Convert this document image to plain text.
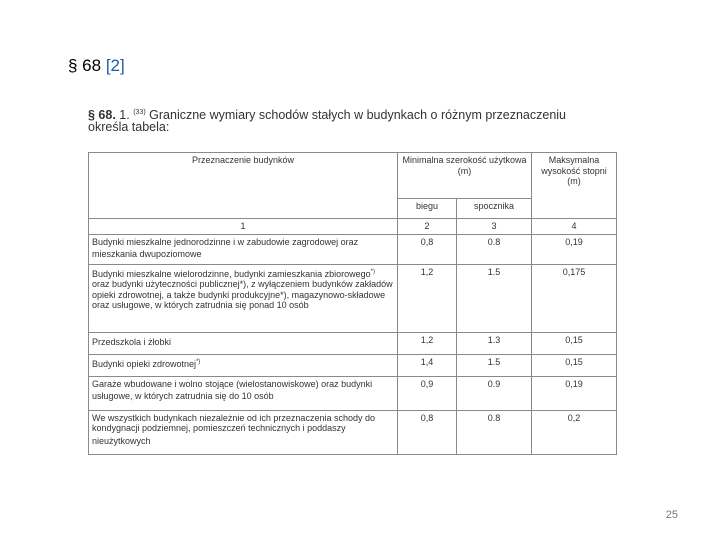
§ 68 [2]
§ 68. 1. $^{(33)}$ Graniczne wymiary schodów stałych w budynkach o różnym przeznaczeniu
określa tabela:
Przeznaczenie budynków	Minimalna szerokość użytkowa (m)		Maksymalna wysokość stopni (m)
	biegu	spocznika	
1	2	3	4
Budynki mieszkalne jednorodzinne i w zabudowie zagrodowej oraz mieszkania dwupoziomowe	0,8	0.8	0,19
Budynki mieszkalne wielorodzinne, budynki zamieszkania zbiorowego*) oraz budynki użyteczności publicznej*), z wyłączeniem budynków zakładów opieki zdrowotnej, a także budynki produkcyjne*), magazynowo-składowe oraz usługowe, w których zatrudnia się ponad 10 osób	1,2	1.5	0,175
Przedszkola i żłobki	1,2	1.3	0,15
Budynki opieki zdrowotnej*)	1,4	1.5	0,15
Garaże wbudowane i wolno stojące (wielostanowiskowe) oraz budynki usługowe, w których zatrudnia się do 10 osób	0,9	0.9	0,19
We wszystkich budynkach niezależnie od ich przeznaczenia schody do kondygnacji podziemnej, pomieszczeń technicznych i poddaszy nieużytkowych	0,8	0.8	0,2
25
